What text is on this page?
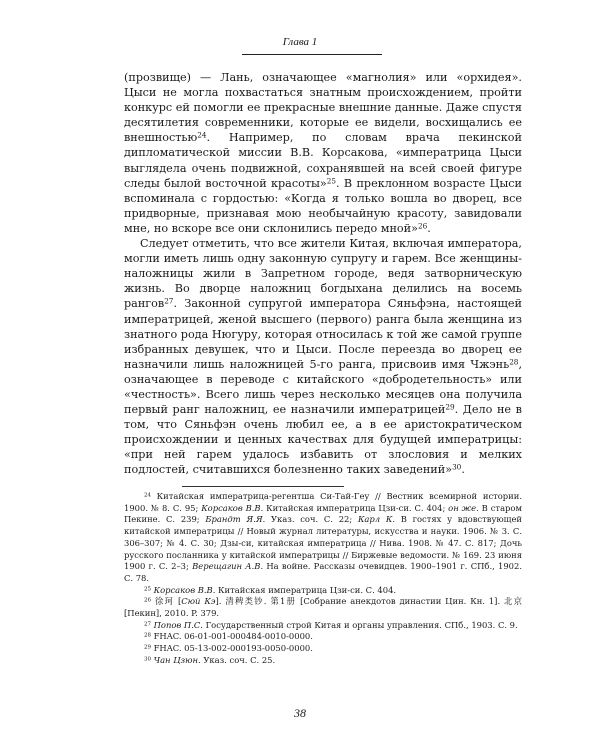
Глава 1

(прозвище) — Лань, означающее «магнолия» или «орхидея». Цыси не могла похвастаться знатным происхождением, пройти конкурс ей помогли ее прекрасные внешние данные. Даже спустя десятилетия современники, которые ее видели, восхищались ее внешностью$^{24}$. Например, по словам врача пекинской дипломатической миссии В.В. Корсакова, «императрица Цыси выглядела очень подвижной, сохранявшей на всей своей фигуре следы былой восточной красоты»$^{25}$. В преклонном возрасте Цыси вспоминала с гордостью: «Когда я только вошла во дворец, все придворные, признавая мою необычайную красоту, завидовали мне, но вскоре все они склонились передо мной»$^{26}$.

Следует отметить, что все жители Китая, включая императора, могли иметь лишь одну законную супругу и гарем. Все женщины-наложницы жили в Запретном городе, ведя затворническую жизнь. Во дворце наложниц богдыхана делились на восемь рангов$^{27}$. Законной супругой императора Сяньфэна, настоящей императрицей, женой высшего (первого) ранга была женщина из знатного рода Нюгуру, которая относилась к той же самой группе избранных девушек, что и Цыси. После переезда во дворец ее назначили лишь наложницей 5-го ранга, присвоив имя Чжэнь$^{28}$, означающее в переводе с китайского «добродетельность» или «честность». Всего лишь через несколько месяцев она получила первый ранг наложниц, ее назначили императрицей$^{29}$. Дело не в том, что Сяньфэн очень любил ее, а в ее аристократическом происхождении и ценных качествах для будущей императрицы: «при ней гарем удалось избавить от злословия и мелких подлостей, считавшихся болезненно таких заведений»$^{30}$.

$^{24}$ Китайская императрица-регентша Си-Тай-Геу // Вестник всемирной истории. 1900. № 8. С. 95; Корсаков В.В. Китайская императрица Цзи-си. С. 404; он же. В старом Пекине. С. 239; Брандт Я.Я. Указ. соч. С. 22; Карл К. В гостях у вдовствующей китайской императрицы // Новый журнал литературы, искусства и науки. 1906. № 3. С. 306–307; № 4. С. 30; Дзы-си, китайская императрица // Нива. 1908. № 47. С. 817; Дочь русского посланника у китайской императрицы // Биржевые ведомости. № 169. 23 июня 1900 г. С. 2–3; Верещагин А.В. На войне. Рассказы очевидцев. 1900–1901 г. СПб., 1902. С. 78.

$^{25}$ Корсаков В.В. Китайская императрица Цзи-си. С. 404.

$^{26}$ 徐珂 [Сюй Кэ]. 清稗类钞. 第1册 [Собрание анекдотов династии Цин. Кн. 1]. 北京 [Пекин], 2010. P. 379.

$^{27}$ Попов П.С. Государственный строй Китая и органы управления. СПб., 1903. С. 9.

$^{28}$ FHAC. 06-01-001-000484-0010-0000.

$^{29}$ FHAC. 05-13-002-000193-0050-0000.

$^{30}$ Чан Цзюн. Указ. соч. С. 25.

38
